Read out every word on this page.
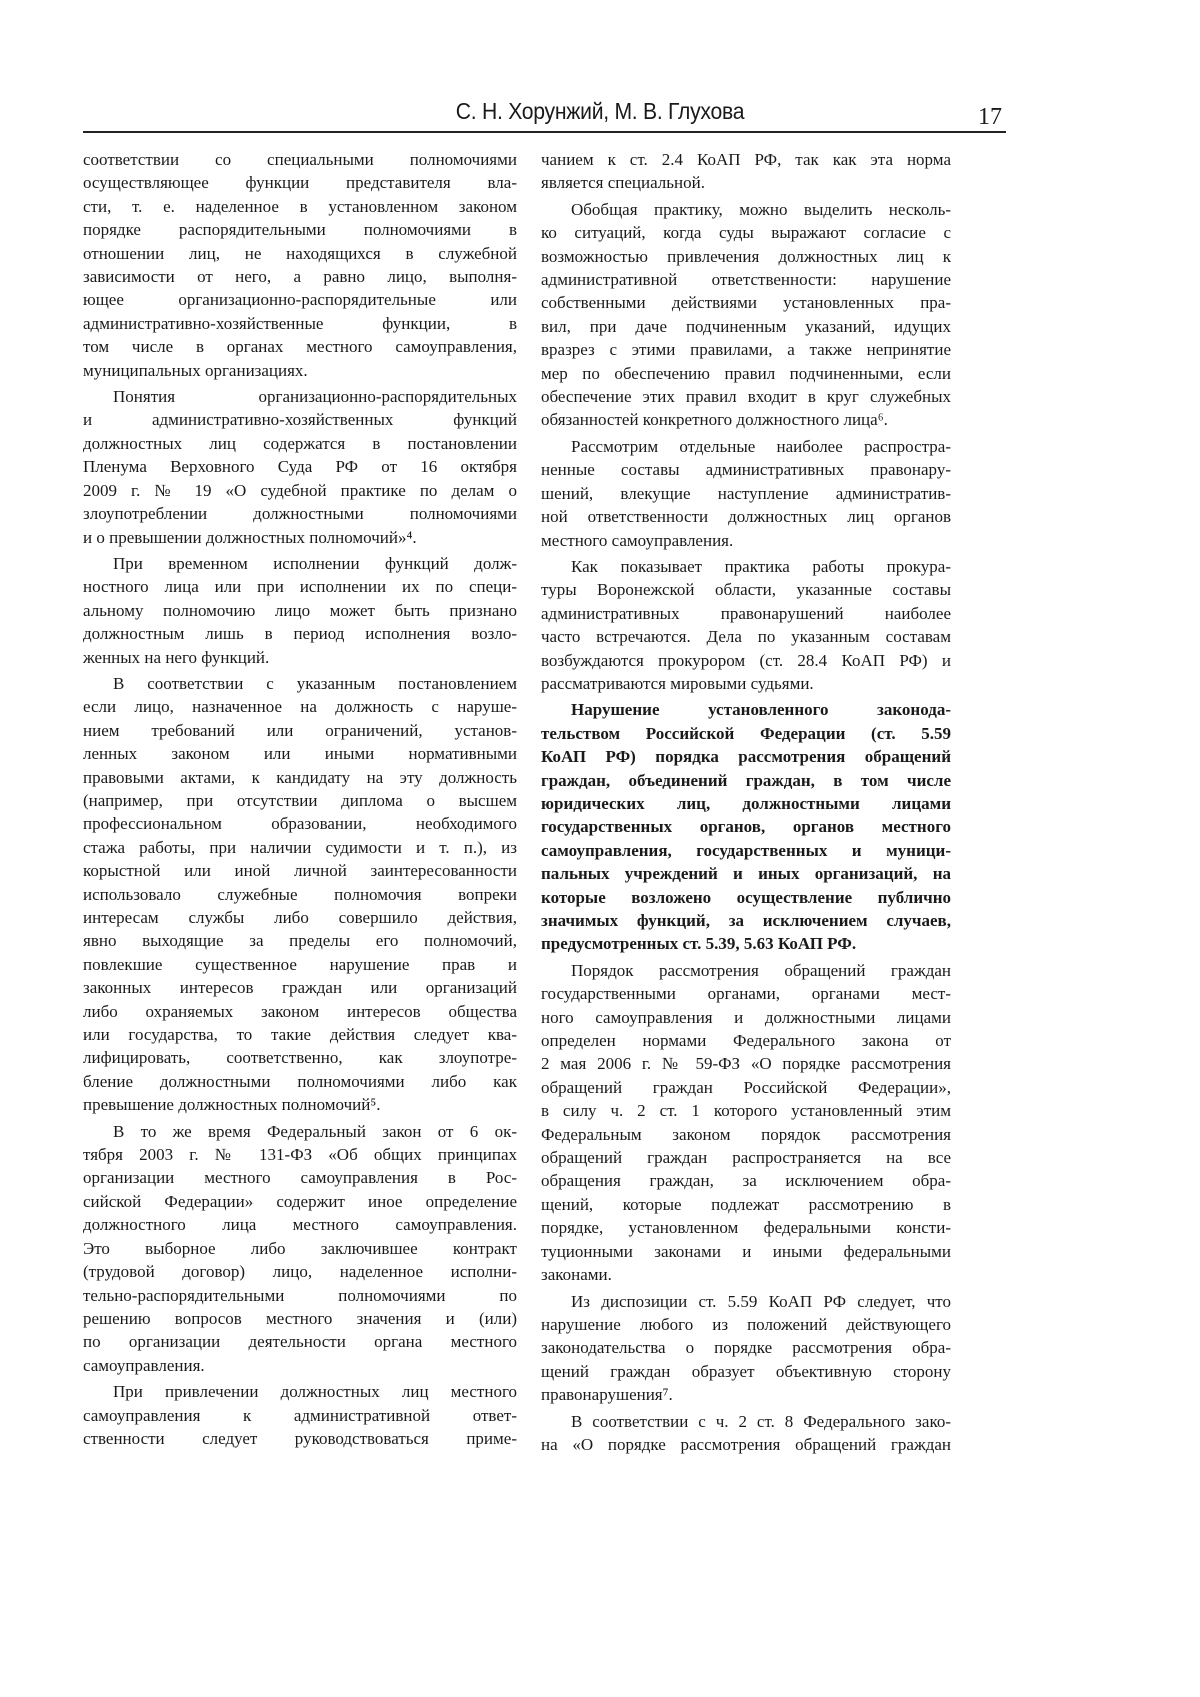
С. Н. Хорунжий, М. В. Глухова	17
соответствии со специальными полномочиями
осуществляющее функции представителя вла-
сти, т. е. наделенное в установленном законом
порядке распорядительными полномочиями в
отношении лиц, не находящихся в служебной
зависимости от него, а равно лицо, выполня-
ющее организационно-распорядительные или
административно-хозяйственные функции, в
том числе в органах местного самоуправления,
муниципальных организациях.
Понятия организационно-распорядительных
и административно-хозяйственных функций
должностных лиц содержатся в постановлении
Пленума Верховного Суда РФ от 16 октября
2009 г. № 19 «О судебной практике по делам о
злоупотреблении должностными полномочиями
и о превышении должностных полномочий»⁴.
При временном исполнении функций долж-
ностного лица или при исполнении их по специ-
альному полномочию лицо может быть признано
должностным лишь в период исполнения возло-
женных на него функций.
В соответствии с указанным постановлением
если лицо, назначенное на должность с наруше-
нием требований или ограничений, установ-
ленных законом или иными нормативными
правовыми актами, к кандидату на эту должность
(например, при отсутствии диплома о высшем
профессиональном образовании, необходимого
стажа работы, при наличии судимости и т. п.), из
корыстной или иной личной заинтересованности
использовало служебные полномочия вопреки
интересам службы либо совершило действия,
явно выходящие за пределы его полномочий,
повлекшие существенное нарушение прав и
законных интересов граждан или организаций
либо охраняемых законом интересов общества
или государства, то такие действия следует ква-
лифицировать, соответственно, как злоупотре-
бление должностными полномочиями либо как
превышение должностных полномочий⁵.
В то же время Федеральный закон от 6 ок-
тября 2003 г. № 131-ФЗ «Об общих принципах
организации местного самоуправления в Рос-
сийской Федерации» содержит иное определение
должностного лица местного самоуправления.
Это выборное либо заключившее контракт
(трудовой договор) лицо, наделенное исполни-
тельно-распорядительными полномочиями по
решению вопросов местного значения и (или)
по организации деятельности органа местного
самоуправления.
При привлечении должностных лиц местного
самоуправления к административной ответ-
ственности следует руководствоваться приме-
чанием к ст. 2.4 КоАП РФ, так как эта норма
является специальной.
Обобщая практику, можно выделить несколь-
ко ситуаций, когда суды выражают согласие с
возможностью привлечения должностных лиц к
административной ответственности: нарушение
собственными действиями установленных пра-
вил, при даче подчиненным указаний, идущих
вразрез с этими правилами, а также непринятие
мер по обеспечению правил подчиненными, если
обеспечение этих правил входит в круг служебных
обязанностей конкретного должностного лица⁶.
Рассмотрим отдельные наиболее распростра-
ненные составы административных правонару-
шений, влекущие наступление административ-
ной ответственности должностных лиц органов
местного самоуправления.
Как показывает практика работы прокура-
туры Воронежской области, указанные составы
административных правонарушений наиболее
часто встречаются. Дела по указанным составам
возбуждаются прокурором (ст. 28.4 КоАП РФ) и
рассматриваются мировыми судьями.
Нарушение установленного законода-
тельством Российской Федерации (ст. 5.59
КоАП РФ) порядка рассмотрения обращений
граждан, объединений граждан, в том числе
юридических лиц, должностными лицами
государственных органов, органов местного
самоуправления, государственных и муници-
пальных учреждений и иных организаций, на
которые возложено осуществление публично
значимых функций, за исключением случаев,
предусмотренных ст. 5.39, 5.63 КоАП РФ.
Порядок рассмотрения обращений граждан
государственными органами, органами мест-
ного самоуправления и должностными лицами
определен нормами Федерального закона от
2 мая 2006 г. № 59-ФЗ «О порядке рассмотрения
обращений граждан Российской Федерации»,
в силу ч. 2 ст. 1 которого установленный этим
Федеральным законом порядок рассмотрения
обращений граждан распространяется на все
обращения граждан, за исключением обра-
щений, которые подлежат рассмотрению в
порядке, установленном федеральными консти-
туционными законами и иными федеральными
законами.
Из диспозиции ст. 5.59 КоАП РФ следует, что
нарушение любого из положений действующего
законодательства о порядке рассмотрения обра-
щений граждан образует объективную сторону
правонарушения⁷.
В соответствии с ч. 2 ст. 8 Федерального зако-
на «О порядке рассмотрения обращений граждан
